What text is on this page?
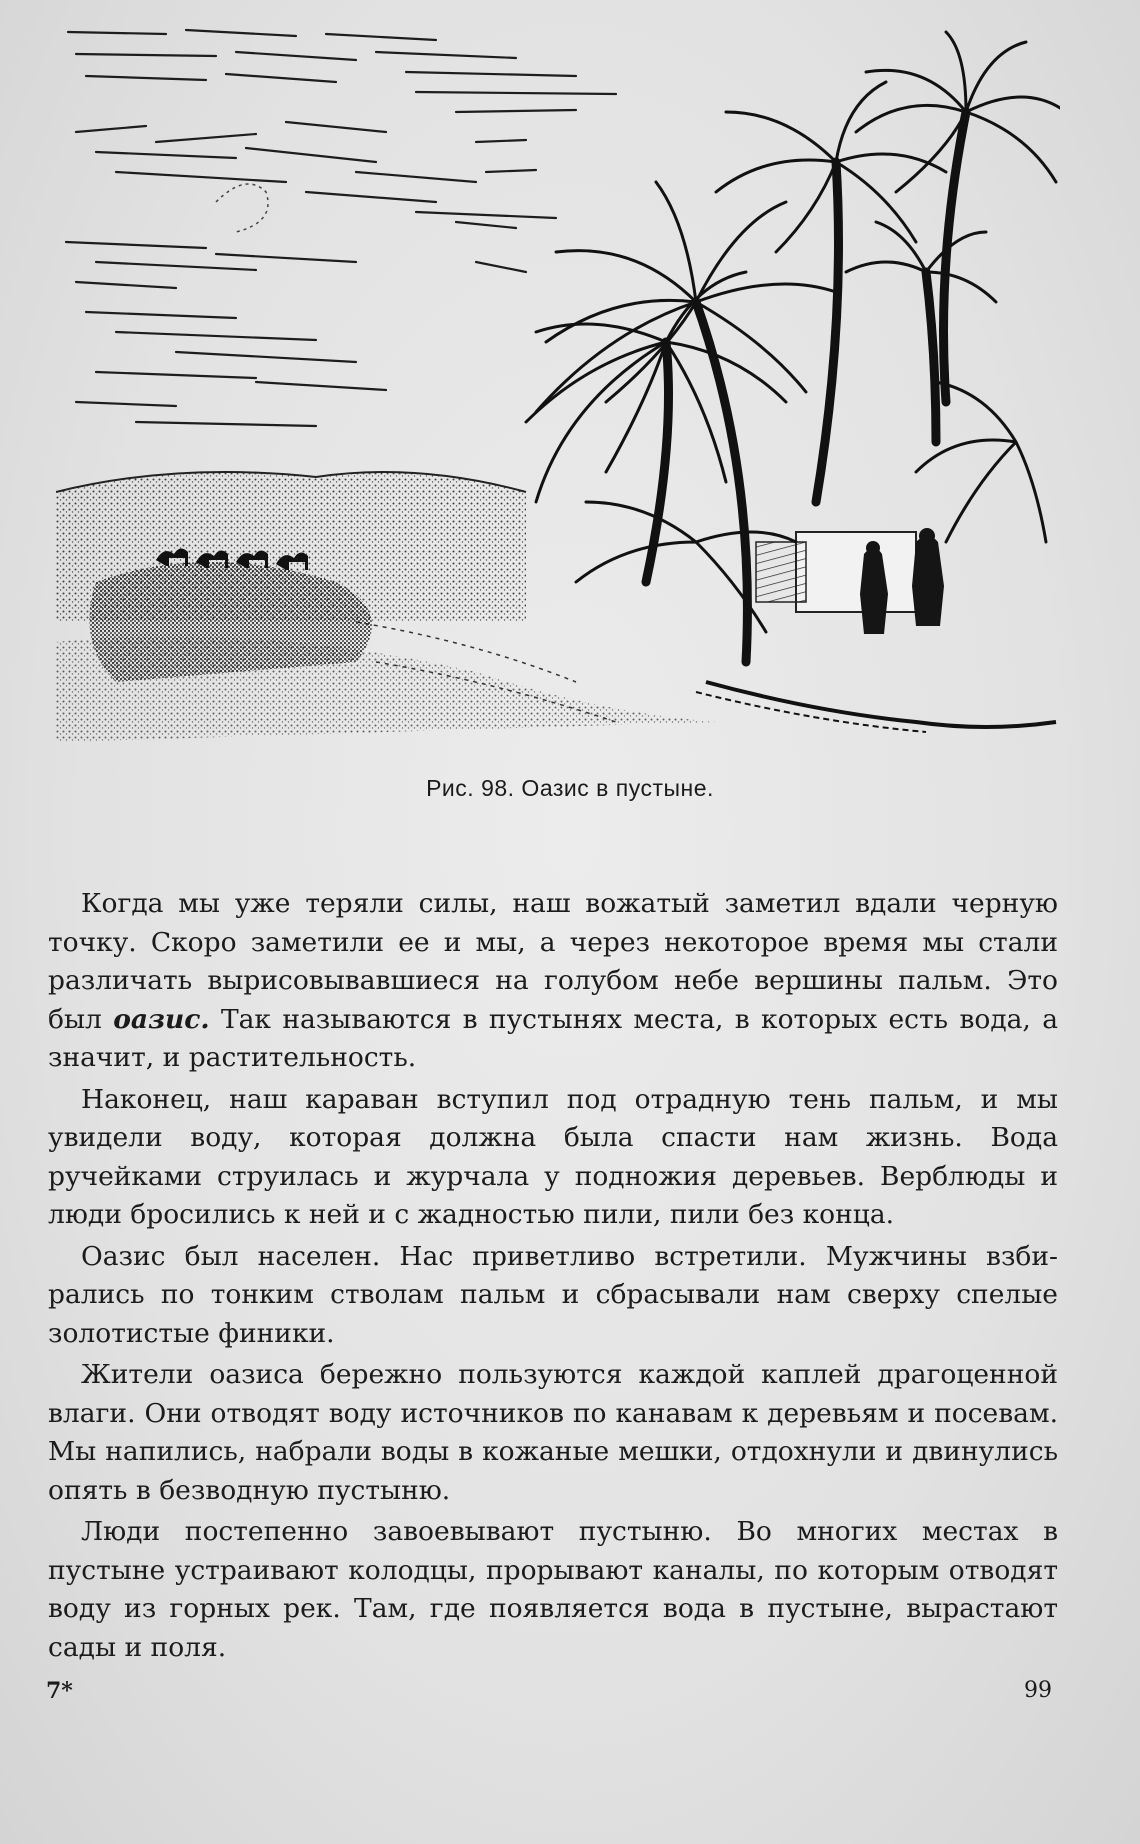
Рис. 98. Оазис в пустыне.

Когда мы уже теряли силы, наш вожатый заметил вдали черную точку. Скоро заметили ее и мы, а через некоторое время мы стали различать вырисовывавшиеся на голубом небе вершины пальм. Это был оазис. Так называются в пустынях места, в которых есть вода, а значит, и растительность.

Наконец, наш караван вступил под отрадную тень пальм, и мы увидели воду, которая должна была спасти нам жизнь. Вода ручейками струилась и журчала у подножия деревьев. Верблюды и люди бросились к ней и с жадностью пили, пили без конца.

Оазис был населен. Нас приветливо встретили. Мужчины взбирались по тонким стволам пальм и сбрасывали нам сверху спелые золотистые финики.

Жители оазиса бережно пользуются каждой каплей драгоценной влаги. Они отводят воду источников по канавам к деревьям и посевам. Мы напились, набрали воды в кожаные мешки, отдохнули и двинулись опять в безводную пустыню.

Люди постепенно завоевывают пустыню. Во многих местах в пустыне устраивают колодцы, прорывают каналы, по которым отводят воду из горных рек. Там, где появляется вода в пустыне, вырастают сады и поля.

7*	99
